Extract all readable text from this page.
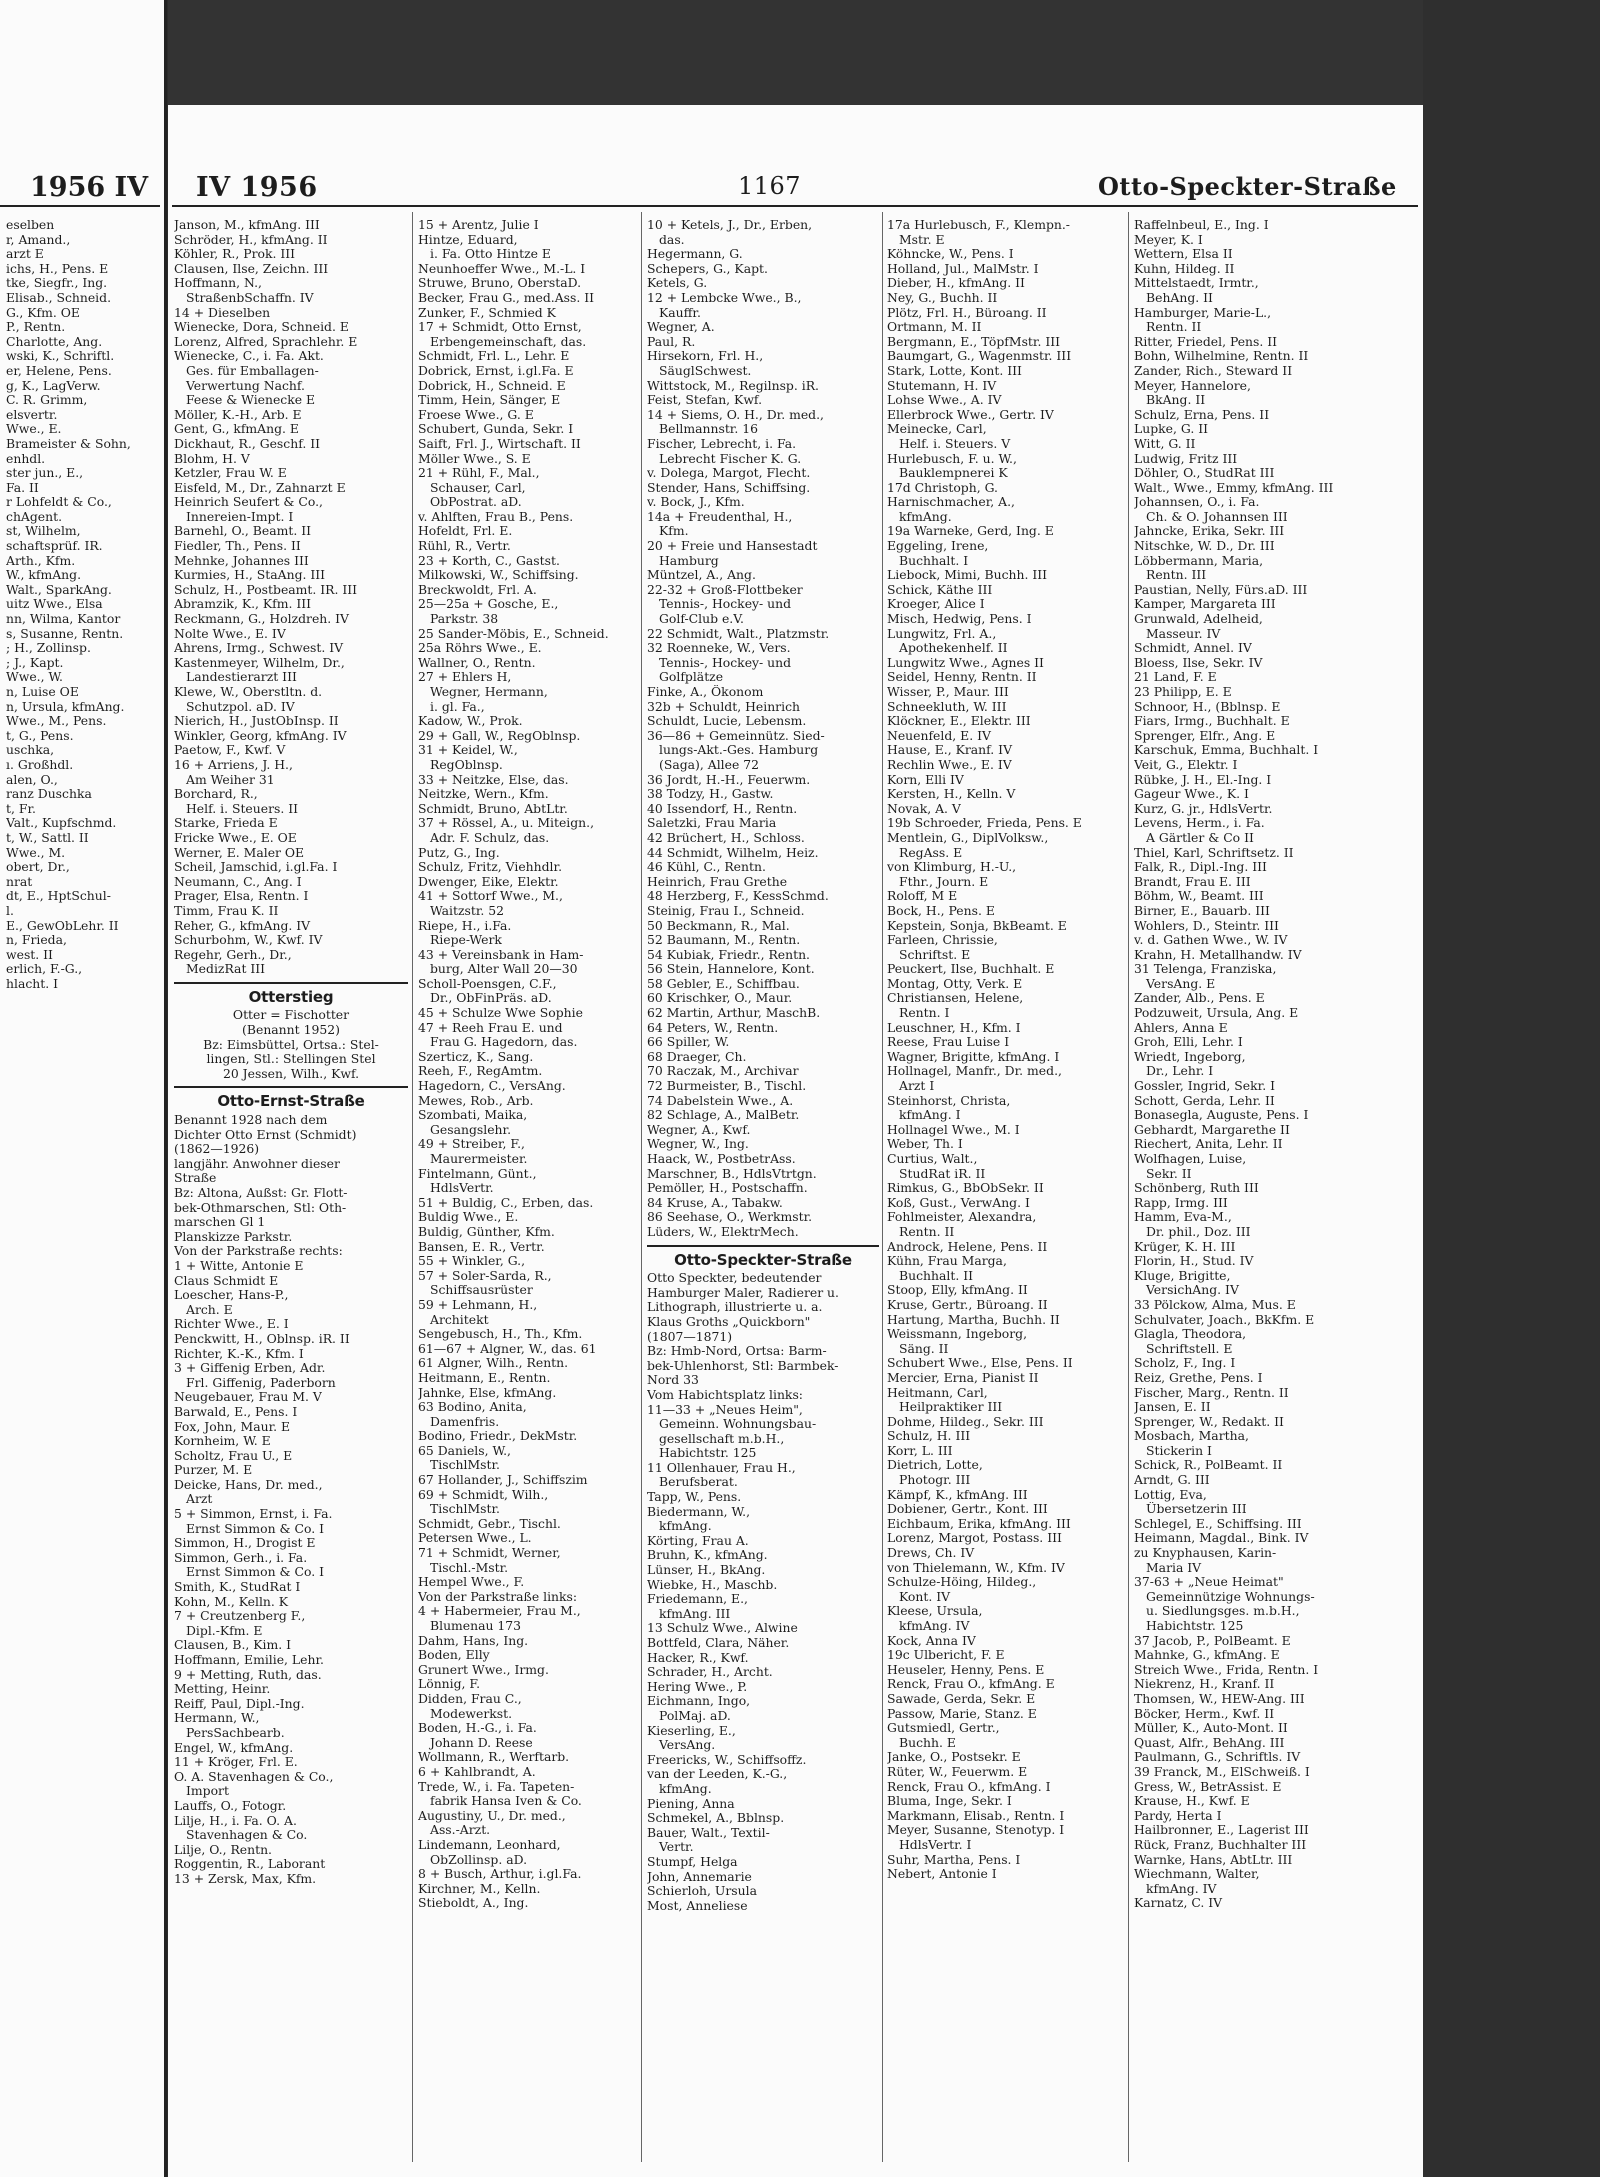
1956 IV
eselben
r, Amand.,
arzt E
ichs, H., Pens. E
tke, Siegfr., Ing.
Elisab., Schneid.
G., Kfm. OE
P., Rentn.
Charlotte, Ang.
wski, K., Schriftl.
er, Helene, Pens.
g, K., LagVerw.
C. R. Grimm,
elsvertr.
Wwe., E.
Brameister & Sohn,
enhdl.
ster jun., E.,
Fa. II
r Lohfeldt & Co.,
chAgent.
st, Wilhelm,
schaftsprüf. IR.
Arth., Kfm.
W., kfmAng.
Walt., SparkAng.
uitz Wwe., Elsa
nn, Wilma, Kantor
s, Susanne, Rentn.
; H., Zollinsp.
; J., Kapt.
Wwe., W.
n, Luise OE
n, Ursula, kfmAng.
Wwe., M., Pens.
t, G., Pens.
uschka,
ı. Großhdl.
alen, O.,
ranz Duschka
t, Fr.
Valt., Kupfschmd.
t, W., Sattl. II
Wwe., M.
obert, Dr.,
nrat
dt, E., HptSchul-
l.
E., GewObLehr. II
n, Frieda,
west. II
erlich, F.-G.,
hlacht. I
IV 1956	1167	Otto-Speckter-Straße
Janson, M., kfmAng. III
Schröder, H., kfmAng. II
Köhler, R., Prok. III
Clausen, Ilse, Zeichn. III
Hoffmann, N.,
StraßenbSchaffn. IV
14 + Dieselben
Wienecke, Dora, Schneid. E
Lorenz, Alfred, Sprachlehr. E
Wienecke, C., i. Fa. Akt.
Ges. für Emballagen-
Verwertung Nachf.
Feese & Wienecke E
Möller, K.-H., Arb. E
Gent, G., kfmAng. E
Dickhaut, R., Geschf. II
Blohm, H. V
Ketzler, Frau W. E
Eisfeld, M., Dr., Zahnarzt E
Heinrich Seufert & Co.,
Innereien-Impt. I
Barnehl, O., Beamt. II
Fiedler, Th., Pens. II
Mehnke, Johannes III
Kurmies, H., StaAng. III
Schulz, H., Postbeamt. IR. III
Abramzik, K., Kfm. III
Reckmann, G., Holzdreh. IV
Nolte Wwe., E. IV
Ahrens, Irmg., Schwest. IV
Kastenmeyer, Wilhelm, Dr.,
Landestierarzt III
Klewe, W., Oberstltn. d.
Schutzpol. aD. IV
Nierich, H., JustObInsp. II
Winkler, Georg, kfmAng. IV
Paetow, F., Kwf. V
16 + Arriens, J. H.,
Am Weiher 31
Borchard, R.,
Helf. i. Steuers. II
Starke, Frieda E
Fricke Wwe., E. OE
Werner, E. Maler OE
Scheil, Jamschid, i.gl.Fa. I
Neumann, C., Ang. I
Prager, Elsa, Rentn. I
Timm, Frau K. II
Reher, G., kfmAng. IV
Schurbohm, W., Kwf. IV
Regehr, Gerh., Dr.,
MedizRat III
Otterstieg
Otter = Fischotter
(Benannt 1952)
Bz: Eimsbüttel, Ortsa.: Stel-
lingen, Stl.: Stellingen Stel
20 Jessen, Wilh., Kwf.
Otto-Ernst-Straße
Benannt 1928 nach dem
Dichter Otto Ernst (Schmidt)
(1862—1926)
langjähr. Anwohner dieser
Straße
Bz: Altona, Außst: Gr. Flott-
bek-Othmarschen, Stl: Oth-
marschen Gl 1
Planskizze Parkstr.
Von der Parkstraße rechts:
1 + Witte, Antonie E
Claus Schmidt E
Loescher, Hans-P.,
Arch. E
Richter Wwe., E. I
Penckwitt, H., Oblnsp. iR. II
Richter, K.-K., Kfm. I
3 + Giffenig Erben, Adr.
Frl. Giffenig, Paderborn
Neugebauer, Frau M. V
Barwald, E., Pens. I
Fox, John, Maur. E
Kornheim, W. E
Scholtz, Frau U., E
Purzer, M. E
Deicke, Hans, Dr. med.,
Arzt
5 + Simmon, Ernst, i. Fa.
Ernst Simmon & Co. I
Simmon, H., Drogist E
Simmon, Gerh., i. Fa.
Ernst Simmon & Co. I
Smith, K., StudRat I
Kohn, M., Kelln. K
7 + Creutzenberg F.,
Dipl.-Kfm. E
Clausen, B., Kim. I
Hoffmann, Emilie, Lehr.
9 + Metting, Ruth, das.
Metting, Heinr.
Reiff, Paul, Dipl.-Ing.
Hermann, W.,
PersSachbearb.
Engel, W., kfmAng.
11 + Kröger, Frl. E.
O. A. Stavenhagen & Co.,
Import
Lauffs, O., Fotogr.
Lilje, H., i. Fa. O. A.
Stavenhagen & Co.
Lilje, O., Rentn.
Roggentin, R., Laborant
13 + Zersk, Max, Kfm.
15 + Arentz, Julie I
Hintze, Eduard,
i. Fa. Otto Hintze E
Neunhoeffer Wwe., M.-L. I
Struwe, Bruno, OberstaD.
Becker, Frau G., med.Ass. II
Zunker, F., Schmied K
17 + Schmidt, Otto Ernst,
Erbengemeinschaft, das.
Schmidt, Frl. L., Lehr. E
Dobrick, Ernst, i.gl.Fa. E
Dobrick, H., Schneid. E
Timm, Hein, Sänger, E
Froese Wwe., G. E
Schubert, Gunda, Sekr. I
Saift, Frl. J., Wirtschaft. II
Möller Wwe., S. E
21 + Rühl, F., Mal.,
Schauser, Carl,
ObPostrat. aD.
v. Ahlften, Frau B., Pens.
Hofeldt, Frl. E.
Rühl, R., Vertr.
23 + Korth, C., Gastst.
Milkowski, W., Schiffsing.
Breckwoldt, Frl. A.
25—25a + Gosche, E.,
Parkstr. 38
25 Sander-Möbis, E., Schneid.
25a Röhrs Wwe., E.
Wallner, O., Rentn.
27 + Ehlers H,
Wegner, Hermann,
i. gl. Fa.,
Kadow, W., Prok.
29 + Gall, W., RegOblnsp.
31 + Keidel, W.,
RegOblnsp.
33 + Neitzke, Else, das.
Neitzke, Wern., Kfm.
Schmidt, Bruno, AbtLtr.
37 + Rössel, A., u. Miteign.,
Adr. F. Schulz, das.
Putz, G., Ing.
Schulz, Fritz, Viehhdlr.
Dwenger, Eike, Elektr.
41 + Sottorf Wwe., M.,
Waitzstr. 52
Riepe, H., i.Fa.
Riepe-Werk
43 + Vereinsbank in Ham-
burg, Alter Wall 20—30
Scholl-Poensgen, C.F.,
Dr., ObFinPräs. aD.
45 + Schulze Wwe Sophie
47 + Reeh Frau E. und
Frau G. Hagedorn, das.
Szerticz, K., Sang.
Reeh, F., RegAmtm.
Hagedorn, C., VersAng.
Mewes, Rob., Arb.
Szombati, Maika,
Gesangslehr.
49 + Streiber, F.,
Maurermeister.
Fintelmann, Günt.,
HdlsVertr.
51 + Buldig, C., Erben, das.
Buldig Wwe., E.
Buldig, Günther, Kfm.
Bansen, E. R., Vertr.
55 + Winkler, G.,
57 + Soler-Sarda, R.,
Schiffsausrüster
59 + Lehmann, H.,
Architekt
Sengebusch, H., Th., Kfm.
61—67 + Algner, W., das. 61
61 Algner, Wilh., Rentn.
Heitmann, E., Rentn.
Jahnke, Else, kfmAng.
63 Bodino, Anita,
Damenfris.
Bodino, Friedr., DekMstr.
65 Daniels, W.,
TischlMstr.
67 Hollander, J., Schiffszim
69 + Schmidt, Wilh.,
TischlMstr.
Schmidt, Gebr., Tischl.
Petersen Wwe., L.
71 + Schmidt, Werner,
Tischl.-Mstr.
Hempel Wwe., F.
Von der Parkstraße links:
4 + Habermeier, Frau M.,
Blumenau 173
Dahm, Hans, Ing.
Boden, Elly
Grunert Wwe., Irmg.
Lönnig, F.
Didden, Frau C.,
Modewerkst.
Boden, H.-G., i. Fa.
Johann D. Reese
Wollmann, R., Werftarb.
6 + Kahlbrandt, A.
Trede, W., i. Fa. Tapeten-
fabrik Hansa Iven & Co.
Augustiny, U., Dr. med.,
Ass.-Arzt.
Lindemann, Leonhard,
ObZollinsp. aD.
8 + Busch, Arthur, i.gl.Fa.
Kirchner, M., Kelln.
Stieboldt, A., Ing.
10 + Ketels, J., Dr., Erben,
das.
Hegermann, G.
Schepers, G., Kapt.
Ketels, G.
12 + Lembcke Wwe., B.,
Kauffr.
Wegner, A.
Paul, R.
Hirsekorn, Frl. H.,
SäuglSchwest.
Wittstock, M., Regilnsp. iR.
Feist, Stefan, Kwf.
14 + Siems, O. H., Dr. med.,
Bellmannstr. 16
Fischer, Lebrecht, i. Fa.
Lebrecht Fischer K. G.
v. Dolega, Margot, Flecht.
Stender, Hans, Schiffsing.
v. Bock, J., Kfm.
14a + Freudenthal, H.,
Kfm.
20 + Freie und Hansestadt
Hamburg
Müntzel, A., Ang.
22-32 + Groß-Flottbeker
Tennis-, Hockey- und
Golf-Club e.V.
22 Schmidt, Walt., Platzmstr.
32 Roenneke, W., Vers.
Tennis-, Hockey- und
Golfplätze
Finke, A., Ökonom
32b + Schuldt, Heinrich
Schuldt, Lucie, Lebensm.
36—86 + Gemeinnütz. Sied-
lungs-Akt.-Ges. Hamburg
(Saga), Allee 72
36 Jordt, H.-H., Feuerwm.
38 Todzy, H., Gastw.
40 Issendorf, H., Rentn.
Saletzki, Frau Maria
42 Brüchert, H., Schloss.
44 Schmidt, Wilhelm, Heiz.
46 Kühl, C., Rentn.
Heinrich, Frau Grethe
48 Herzberg, F., KessSchmd.
Steinig, Frau I., Schneid.
50 Beckmann, R., Mal.
52 Baumann, M., Rentn.
54 Kubiak, Friedr., Rentn.
56 Stein, Hannelore, Kont.
58 Gebler, E., Schiffbau.
60 Krischker, O., Maur.
62 Martin, Arthur, MaschB.
64 Peters, W., Rentn.
66 Spiller, W.
68 Draeger, Ch.
70 Raczak, M., Archivar
72 Burmeister, B., Tischl.
74 Dabelstein Wwe., A.
82 Schlage, A., MalBetr.
Wegner, A., Kwf.
Wegner, W., Ing.
Haack, W., PostbetrAss.
Marschner, B., HdlsVtrtgn.
Pemöller, H., Postschaffn.
84 Kruse, A., Tabakw.
86 Seehase, O., Werkmstr.
Lüders, W., ElektrMech.
Otto-Speckter-Straße
Otto Speckter, bedeutender
Hamburger Maler, Radierer u.
Lithograph, illustrierte u. a.
Klaus Groths „Quickborn"
(1807—1871)
Bz: Hmb-Nord, Ortsa: Barm-
bek-Uhlenhorst, Stl: Barmbek-
Nord 33
Vom Habichtsplatz links:
11—33 + „Neues Heim",
Gemeinn. Wohnungsbau-
gesellschaft m.b.H.,
Habichtstr. 125
11 Ollenhauer, Frau H.,
Berufsberat.
Tapp, W., Pens.
Biedermann, W.,
kfmAng.
Körting, Frau A.
Bruhn, K., kfmAng.
Lünser, H., BkAng.
Wiebke, H., Maschb.
Friedemann, E.,
kfmAng. III
13 Schulz Wwe., Alwine
Bottfeld, Clara, Näher.
Hacker, R., Kwf.
Schrader, H., Archt.
Hering Wwe., P.
Eichmann, Ingo,
PolMaj. aD.
Kieserling, E.,
VersAng.
Freericks, W., Schiffsoffz.
van der Leeden, K.-G.,
kfmAng.
Piening, Anna
Schmekel, A., Bblnsp.
Bauer, Walt., Textil-
Vertr.
Stumpf, Helga
John, Annemarie
Schierloh, Ursula
Most, Anneliese
17a Hurlebusch, F., Klempn.-
Mstr. E
Köhncke, W., Pens. I
Holland, Jul., MalMstr. I
Dieber, H., kfmAng. II
Ney, G., Buchh. II
Plötz, Frl. H., Büroang. II
Ortmann, M. II
Bergmann, E., TöpfMstr. III
Baumgart, G., Wagenmstr. III
Stark, Lotte, Kont. III
Stutemann, H. IV
Lohse Wwe., A. IV
Ellerbrock Wwe., Gertr. IV
Meinecke, Carl,
Helf. i. Steuers. V
Hurlebusch, F. u. W.,
Bauklempnerei K
17d Christoph, G.
Harnischmacher, A.,
kfmAng.
19a Warneke, Gerd, Ing. E
Eggeling, Irene,
Buchhalt. I
Liebock, Mimi, Buchh. III
Schick, Käthe III
Kroeger, Alice I
Misch, Hedwig, Pens. I
Lungwitz, Frl. A.,
Apothekenhelf. II
Lungwitz Wwe., Agnes II
Seidel, Henny, Rentn. II
Wisser, P., Maur. III
Schneekluth, W. III
Klöckner, E., Elektr. III
Neuenfeld, E. IV
Hause, E., Kranf. IV
Rechlin Wwe., E. IV
Korn, Elli IV
Kersten, H., Kelln. V
Novak, A. V
19b Schroeder, Frieda, Pens. E
Mentlein, G., DiplVolksw.,
RegAss. E
von Klimburg, H.-U.,
Fthr., Journ. E
Roloff, M E
Bock, H., Pens. E
Kepstein, Sonja, BkBeamt. E
Farleen, Chrissie,
Schriftst. E
Peuckert, Ilse, Buchhalt. E
Montag, Otty, Verk. E
Christiansen, Helene,
Rentn. I
Leuschner, H., Kfm. I
Reese, Frau Luise I
Wagner, Brigitte, kfmAng. I
Hollnagel, Manfr., Dr. med.,
Arzt I
Steinhorst, Christa,
kfmAng. I
Hollnagel Wwe., M. I
Weber, Th. I
Curtius, Walt.,
StudRat iR. II
Rimkus, G., BbObSekr. II
Koß, Gust., VerwAng. I
Fohlmeister, Alexandra,
Rentn. II
Androck, Helene, Pens. II
Kühn, Frau Marga,
Buchhalt. II
Stoop, Elly, kfmAng. II
Kruse, Gertr., Büroang. II
Hartung, Martha, Buchh. II
Weissmann, Ingeborg,
Säng. II
Schubert Wwe., Else, Pens. II
Mercier, Erna, Pianist II
Heitmann, Carl,
Heilpraktiker III
Dohme, Hildeg., Sekr. III
Schulz, H. III
Korr, L. III
Dietrich, Lotte,
Photogr. III
Kämpf, K., kfmAng. III
Dobiener, Gertr., Kont. III
Eichbaum, Erika, kfmAng. III
Lorenz, Margot, Postass. III
Drews, Ch. IV
von Thielemann, W., Kfm. IV
Schulze-Höing, Hildeg.,
Kont. IV
Kleese, Ursula,
kfmAng. IV
Kock, Anna IV
19c Ulbericht, F. E
Heuseler, Henny, Pens. E
Renck, Frau O., kfmAng. E
Sawade, Gerda, Sekr. E
Passow, Marie, Stanz. E
Gutsmiedl, Gertr.,
Buchh. E
Janke, O., Postsekr. E
Rüter, W., Feuerwm. E
Renck, Frau O., kfmAng. I
Bluma, Inge, Sekr. I
Markmann, Elisab., Rentn. I
Meyer, Susanne, Stenotyp. I
HdlsVertr. I
Suhr, Martha, Pens. I
Nebert, Antonie I
Raffelnbeul, E., Ing. I
Meyer, K. I
Wettern, Elsa II
Kuhn, Hildeg. II
Mittelstaedt, Irmtr.,
BehAng. II
Hamburger, Marie-L.,
Rentn. II
Ritter, Friedel, Pens. II
Bohn, Wilhelmine, Rentn. II
Zander, Rich., Steward II
Meyer, Hannelore,
BkAng. II
Schulz, Erna, Pens. II
Lupke, G. II
Witt, G. II
Ludwig, Fritz III
Döhler, O., StudRat III
Walt., Wwe., Emmy, kfmAng. III
Johannsen, O., i. Fa.
Ch. & O. Johannsen III
Jahncke, Erika, Sekr. III
Nitschke, W. D., Dr. III
Löbbermann, Maria,
Rentn. III
Paustian, Nelly, Fürs.aD. III
Kamper, Margareta III
Grunwald, Adelheid,
Masseur. IV
Schmidt, Annel. IV
Bloess, Ilse, Sekr. IV
21 Land, F. E
23 Philipp, E. E
Schnoor, H., (Bblnsp. E
Fiars, Irmg., Buchhalt. E
Sprenger, Elfr., Ang. E
Karschuk, Emma, Buchhalt. I
Veit, G., Elektr. I
Rübke, J. H., El.-Ing. I
Gageur Wwe., K. I
Kurz, G. jr., HdlsVertr.
Levens, Herm., i. Fa.
A Gärtler & Co II
Thiel, Karl, Schriftsetz. II
Falk, R., Dipl.-Ing. III
Brandt, Frau E. III
Böhm, W., Beamt. III
Birner, E., Bauarb. III
Wohlers, D., Steintr. III
v. d. Gathen Wwe., W. IV
Krahn, H. Metallhandw. IV
31 Telenga, Franziska,
VersAng. E
Zander, Alb., Pens. E
Podzuweit, Ursula, Ang. E
Ahlers, Anna E
Groh, Elli, Lehr. I
Wriedt, Ingeborg,
Dr., Lehr. I
Gossler, Ingrid, Sekr. I
Schott, Gerda, Lehr. II
Bonasegla, Auguste, Pens. I
Gebhardt, Margarethe II
Riechert, Anita, Lehr. II
Wolfhagen, Luise,
Sekr. II
Schönberg, Ruth III
Rapp, Irmg. III
Hamm, Eva-M.,
Dr. phil., Doz. III
Krüger, K. H. III
Florin, H., Stud. IV
Kluge, Brigitte,
VersichAng. IV
33 Pölckow, Alma, Mus. E
Schulvater, Joach., BkKfm. E
Glagla, Theodora,
Schriftstell. E
Scholz, F., Ing. I
Reiz, Grethe, Pens. I
Fischer, Marg., Rentn. II
Jansen, E. II
Sprenger, W., Redakt. II
Mosbach, Martha,
Stickerin I
Schick, R., PolBeamt. II
Arndt, G. III
Lottig, Eva,
Übersetzerin III
Schlegel, E., Schiffsing. III
Heimann, Magdal., Bink. IV
zu Knyphausen, Karin-
Maria IV
37-63 + „Neue Heimat"
Gemeinnützige Wohnungs-
u. Siedlungsges. m.b.H.,
Habichtstr. 125
37 Jacob, P., PolBeamt. E
Mahnke, G., kfmAng. E
Streich Wwe., Frida, Rentn. I
Niekrenz, H., Kranf. II
Thomsen, W., HEW-Ang. III
Böcker, Herm., Kwf. II
Müller, K., Auto-Mont. II
Quast, Alfr., BehAng. III
Paulmann, G., Schriftls. IV
39 Franck, M., ElSchweiß. I
Gress, W., BetrAssist. E
Krause, H., Kwf. E
Pardy, Herta I
Hailbronner, E., Lagerist III
Rück, Franz, Buchhalter III
Warnke, Hans, AbtLtr. III
Wiechmann, Walter,
kfmAng. IV
Karnatz, C. IV
